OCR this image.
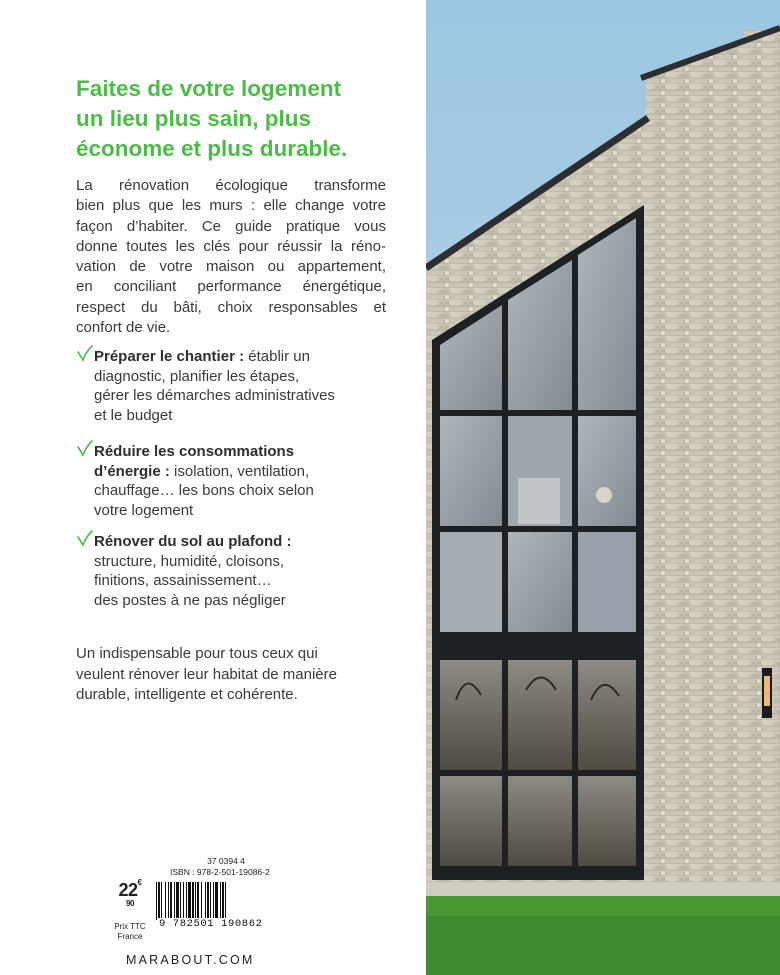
Faites de votre logement
un lieu plus sain, plus
économe et plus durable.
La rénovation écologique transforme
bien plus que les murs : elle change votre
façon d’habiter. Ce guide pratique vous
donne toutes les clés pour réussir la réno-
vation de votre maison ou appartement,
en conciliant performance énergétique,
respect du bâti, choix responsables et
confort de vie.
Préparer le chantier : établir un
diagnostic, planifier les étapes,
gérer les démarches administratives
et le budget
Réduire les consommations
d’énergie : isolation, ventilation,
chauffage… les bons choix selon
votre logement
Rénover du sol au plafond :
structure, humidité, cloisons,
finitions, assainissement…
des postes à ne pas négliger
Un indispensable pour tous ceux qui
veulent rénover leur habitat de manière
durable, intelligente et cohérente.
37 0394 4
ISBN : 978-2-501-19086-2
$22^{€ 90}$
Prix TTC
France
9 782501 190862
MARABOUT.COM
